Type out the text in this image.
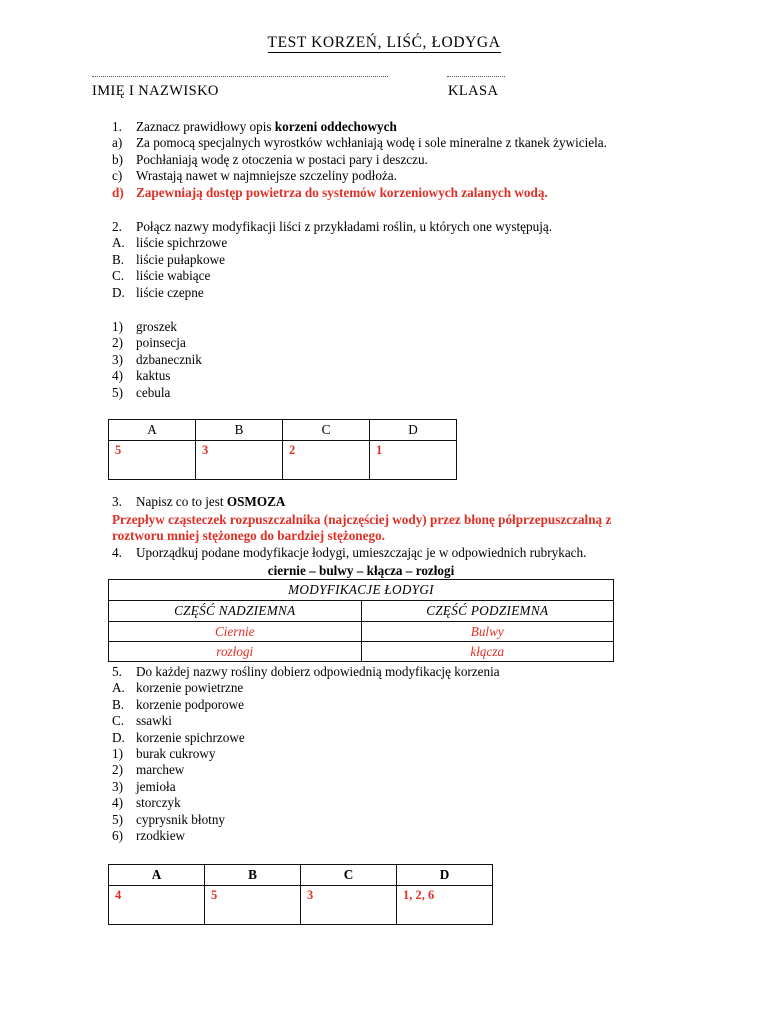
TEST KORZEŃ, LIŚĆ, ŁODYGA
IMIĘ I NAZWISKO	KLASA
1.	Zaznacz prawidłowy opis korzeni oddechowych
a)	Za pomocą specjalnych wyrostków wchłaniają wodę i sole mineralne z tkanek żywiciela.
b) Pochłaniają wodę z otoczenia w postaci pary i deszczu.
c)	Wrastają nawet w najmniejsze szczeliny podłoża.
d) Zapewniają dostęp powietrza do systemów korzeniowych zalanych wodą.
2.	Połącz nazwy modyfikacji liści z przykładami roślin, u których one występują.
A. liście spichrzowe
B. liście pułapkowe
C. liście wabiące
D. liście czepne
1) groszek
2) poinsecja
3) dzbanecznik
4) kaktus
5) cebula
A	B	C	D
5	3	2	1
3.	Napisz co to jest OSMOZA
Przepływ cząsteczek rozpuszczalnika (najczęściej wody) przez błonę półprzepuszczalną z
roztworu mniej stężonego do bardziej stężonego.
4.	Uporządkuj podane modyfikacje łodygi, umieszczając je w odpowiednich rubrykach.
ciernie – bulwy – kłącza – rozłogi
MODYFIKACJE ŁODYGI	
CZĘŚĆ NADZIEMNA	CZĘŚĆ PODZIEMNA
Ciernie	Bulwy
rozłogi	kłącza
5.	Do każdej nazwy rośliny dobierz odpowiednią modyfikację korzenia
A. korzenie powietrzne
B. korzenie podporowe
C. ssawki
D. korzenie spichrzowe
1) burak cukrowy
2) marchew
3) jemioła
4) storczyk
5) cyprysnik błotny
6) rzodkiew
A	B	C	D
4	5	3	1, 2, 6
